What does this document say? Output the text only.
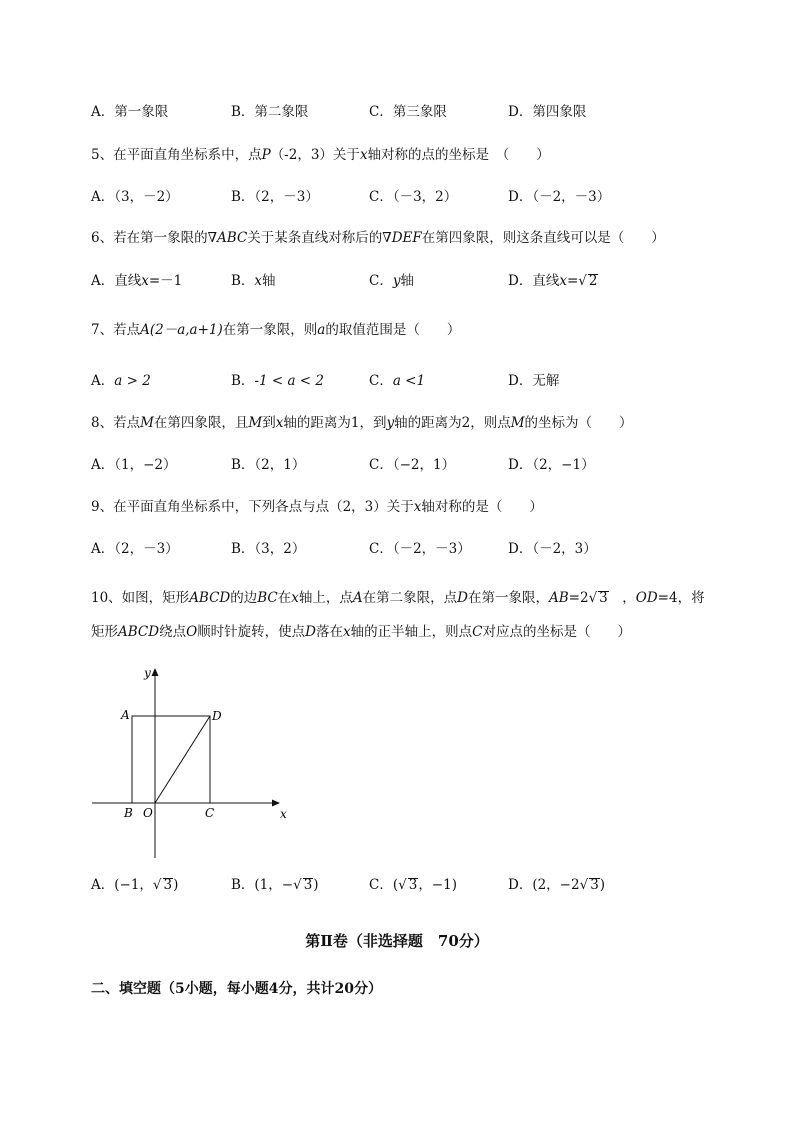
A．第一象限	B．第二象限	C．第三象限	D．第四象限
5、在平面直角坐标系中，点P（-2，3）关于x轴对称的点的坐标是　（　　）
A．（3，－2）	B．（2，－3）	C．（－3，2）	D．（－2，－3）
6、若在第一象限的∇ABC关于某条直线对称后的∇DEF在第四象限，则这条直线可以是（　　）
A．直线x=－1	B．x轴	C．y轴	D．直线x=√ 2
7、若点A(2－a,a+1)在第一象限，则a的取值范围是（　　）
A．a > 2	B．-1 < a < 2	C．a <1	D．无解
8、若点M在第四象限，且M到x轴的距离为1，到y轴的距离为2，则点M的坐标为（　　）
A．（1，−2）	B．（2，1）	C．（−2，1）	D．（2，−1）
9、在平面直角坐标系中，下列各点与点（2，3）关于x轴对称的是（　　）
A．（2，－3）	B．（3，2）	C．（－2，－3）	D．（－2，3）
10、如图，矩形ABCD的边BC在x轴上，点A在第二象限，点D在第一象限，AB=2√ 3　，OD=4，将
矩形ABCD绕点O顺时针旋转，使点D落在x轴的正半轴上，则点C对应点的坐标是（　　）
y
x
A	D
B O	C
A．(−1，√ 3)	B．(1，−√ 3)	C．(√ 3，−1)	D．(2，−2√ 3)
第Ⅱ卷（非选择题　70分）
二、填空题（5小题，每小题4分，共计20分）
